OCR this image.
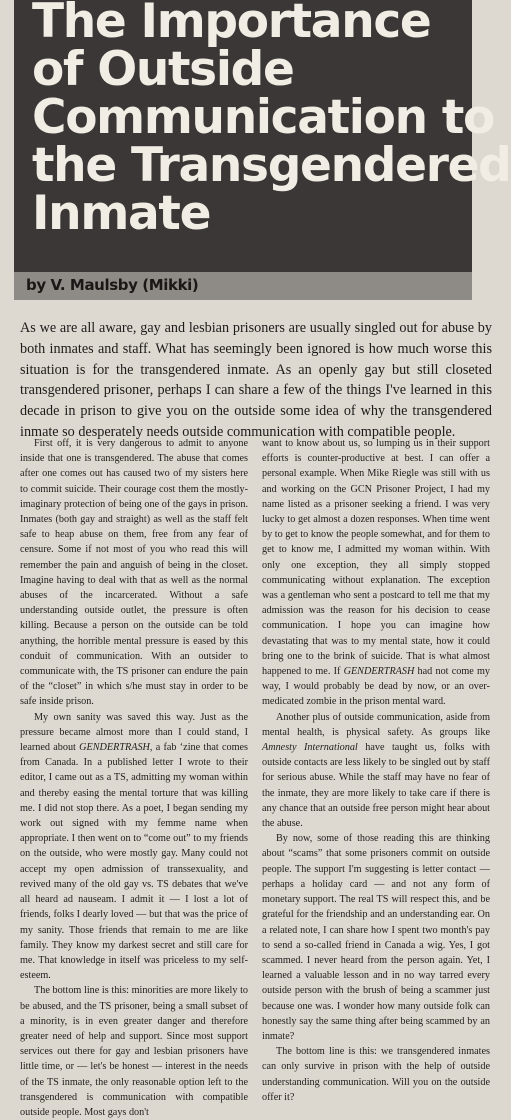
The Importance
of Outside
Communication to
the Transgendered
Inmate
by V. Maulsby (Mikki)

As we are all aware, gay and lesbian prisoners are usually singled out for abuse by both inmates and staff. What has seemingly been ignored is how much worse this situation is for the transgendered inmate. As an openly gay but still closeted transgendered prisoner, perhaps I can share a few of the things I've learned in this decade in prison to give you on the outside some idea of why the transgendered inmate so desperately needs outside communication with compatible people.

First off, it is very dangerous to admit to anyone inside that one is transgendered. The abuse that comes after one comes out has caused two of my sisters here to commit suicide. Their courage cost them the mostly-imaginary protection of being one of the gays in prison. Inmates (both gay and straight) as well as the staff felt safe to heap abuse on them, free from any fear of censure. Some if not most of you who read this will remember the pain and anguish of being in the closet. Imagine having to deal with that as well as the normal abuses of the incarcerated. Without a safe understanding outside outlet, the pressure is often killing. Because a person on the outside can be told anything, the horrible mental pressure is eased by this conduit of communication. With an outsider to communicate with, the TS prisoner can endure the pain of the “closet” in which s/he must stay in order to be safe inside prison.

My own sanity was saved this way. Just as the pressure became almost more than I could stand, I learned about GENDERTRASH, a fab ‘zine that comes from Canada. In a published letter I wrote to their editor, I came out as a TS, admitting my woman within and thereby easing the mental torture that was killing me. I did not stop there. As a poet, I began sending my work out signed with my femme name when appropriate. I then went on to “come out” to my friends on the outside, who were mostly gay. Many could not accept my open admission of transsexuality, and revived many of the old gay vs. TS debates that we've all heard ad nauseam. I admit it — I lost a lot of friends, folks I dearly loved — but that was the price of my sanity. Those friends that remain to me are like family. They know my darkest secret and still care for me. That knowledge in itself was priceless to my self-esteem.

The bottom line is this: minorities are more likely to be abused, and the TS prisoner, being a small subset of a minority, is in even greater danger and therefore greater need of help and support. Since most support services out there for gay and lesbian prisoners have little time, or — let's be honest — interest in the needs of the TS inmate, the only reasonable option left to the transgendered is communication with compatible outside people. Most gays don't

want to know about us, so lumping us in their support efforts is counter-productive at best. I can offer a personal example. When Mike Riegle was still with us and working on the GCN Prisoner Project, I had my name listed as a prisoner seeking a friend. I was very lucky to get almost a dozen responses. When time went by to get to know the people somewhat, and for them to get to know me, I admitted my woman within. With only one exception, they all simply stopped communicating without explanation. The exception was a gentleman who sent a postcard to tell me that my admission was the reason for his decision to cease communication. I hope you can imagine how devastating that was to my mental state, how it could bring one to the brink of suicide. That is what almost happened to me. If GENDERTRASH had not come my way, I would probably be dead by now, or an over-medicated zombie in the prison mental ward.

Another plus of outside communication, aside from mental health, is physical safety. As groups like Amnesty International have taught us, folks with outside contacts are less likely to be singled out by staff for serious abuse. While the staff may have no fear of the inmate, they are more likely to take care if there is any chance that an outside free person might hear about the abuse.

By now, some of those reading this are thinking about “scams” that some prisoners commit on outside people. The support I'm suggesting is letter contact — perhaps a holiday card — and not any form of monetary support. The real TS will respect this, and be grateful for the friendship and an understanding ear. On a related note, I can share how I spent two month's pay to send a so-called friend in Canada a wig. Yes, I got scammed. I never heard from the person again. Yet, I learned a valuable lesson and in no way tarred every outside person with the brush of being a scammer just because one was. I wonder how many outside folk can honestly say the same thing after being scammed by an inmate?

The bottom line is this: we transgendered inmates can only survive in prison with the help of outside understanding communication. Will you on the outside offer it?
